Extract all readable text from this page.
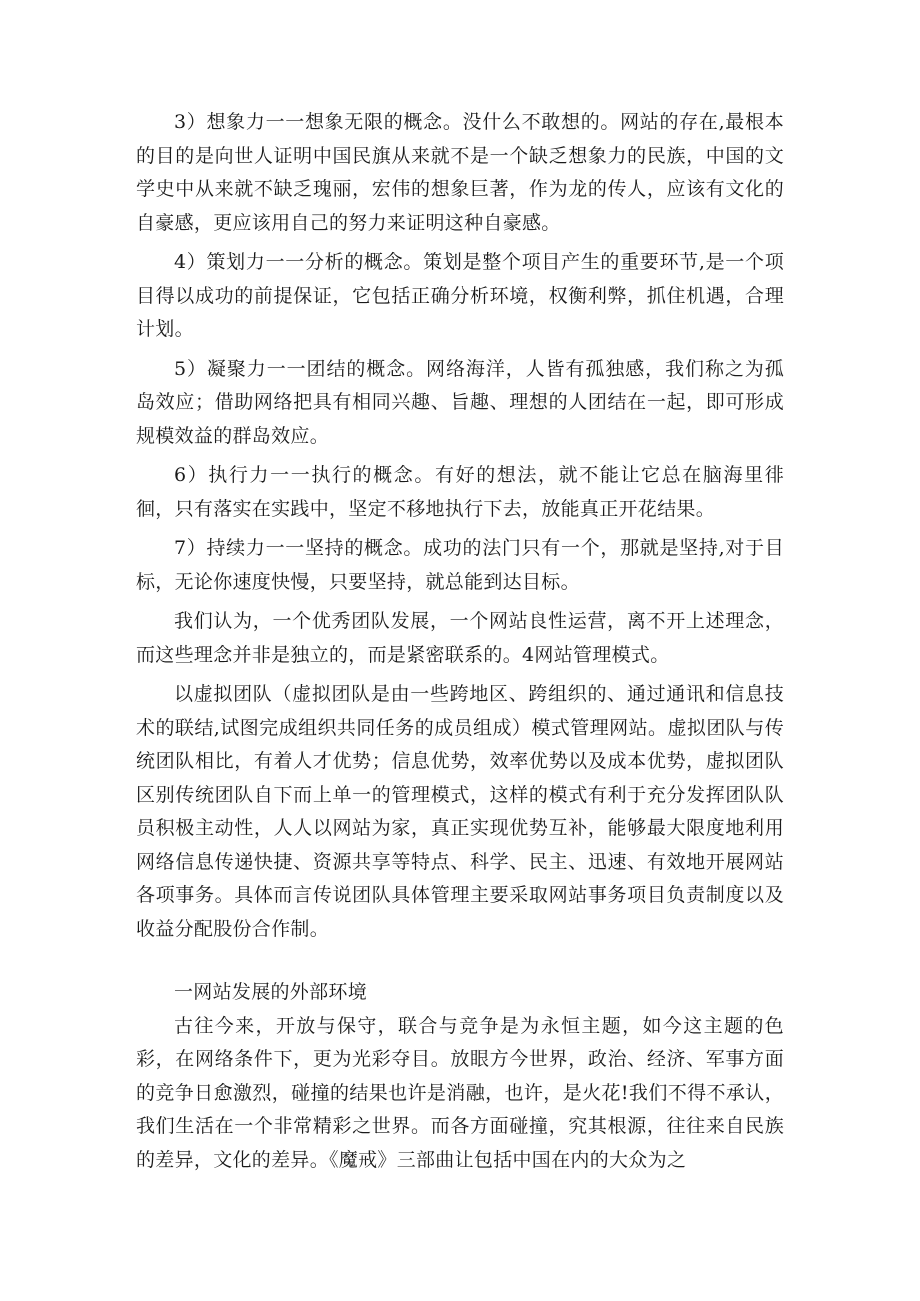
3）想象力一一想象无限的概念。没什么不敢想的。网站的存在,最根本的目的是向世人证明中国民旗从来就不是一个缺乏想象力的民族，中国的文学史中从来就不缺乏瑰丽，宏伟的想象巨著，作为龙的传人，应该有文化的自豪感，更应该用自己的努力来证明这种自豪感。

4）策划力一一分析的概念。策划是整个项目产生的重要环节,是一个项目得以成功的前提保证，它包括正确分析环境，权衡利弊，抓住机遇，合理计划。

5）凝聚力一一团结的概念。网络海洋，人皆有孤独感，我们称之为孤岛效应；借助网络把具有相同兴趣、旨趣、理想的人团结在一起，即可形成规模效益的群岛效应。

6）执行力一一执行的概念。有好的想法，就不能让它总在脑海里徘徊，只有落实在实践中，坚定不移地执行下去，放能真正开花结果。

7）持续力一一坚持的概念。成功的法门只有一个，那就是坚持,对于目标，无论你速度快慢，只要坚持，就总能到达目标。

我们认为，一个优秀团队发展，一个网站良性运营，离不开上述理念，而这些理念并非是独立的，而是紧密联系的。4网站管理模式。

以虚拟团队（虚拟团队是由一些跨地区、跨组织的、通过通讯和信息技术的联结,试图完成组织共同任务的成员组成）模式管理网站。虚拟团队与传统团队相比，有着人才优势；信息优势，效率优势以及成本优势，虚拟团队区别传统团队自下而上单一的管理模式，这样的模式有利于充分发挥团队队员积极主动性，人人以网站为家，真正实现优势互补，能够最大限度地利用网络信息传递快捷、资源共享等特点、科学、民主、迅速、有效地开展网站各项事务。具体而言传说团队具体管理主要采取网站事务项目负责制度以及收益分配股份合作制。

一网站发展的外部环境

古往今来，开放与保守，联合与竞争是为永恒主题，如今这主题的色彩，在网络条件下，更为光彩夺目。放眼方今世界，政治、经济、军事方面的竞争日愈激烈，碰撞的结果也许是消融，也许，是火花!我们不得不承认，我们生活在一个非常精彩之世界。而各方面碰撞，究其根源，往往来自民族的差异，文化的差异。《魔戒》三部曲让包括中国在内的大众为之
